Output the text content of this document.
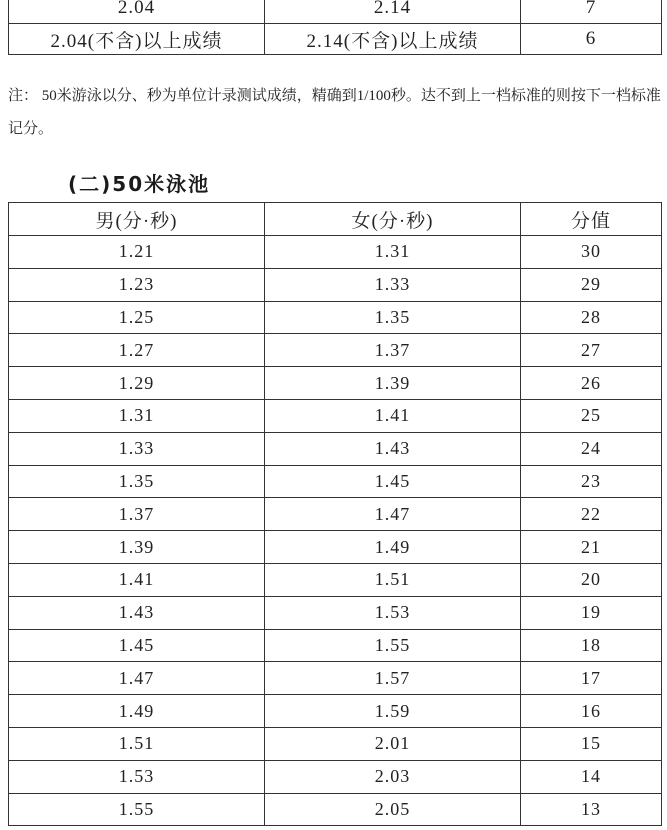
2.04	2.14	7
2.04(不含)以上成绩	2.14(不含)以上成绩	6
注： 50米游泳以分、秒为单位计录测试成绩，精确到1/100秒。达不到上一档标准的则按下一档标准记分。
(二)50米泳池
男(分·秒)	女(分·秒)	分值
1.21	1.31	30
1.23	1.33	29
1.25	1.35	28
1.27	1.37	27
1.29	1.39	26
1.31	1.41	25
1.33	1.43	24
1.35	1.45	23
1.37	1.47	22
1.39	1.49	21
1.41	1.51	20
1.43	1.53	19
1.45	1.55	18
1.47	1.57	17
1.49	1.59	16
1.51	2.01	15
1.53	2.03	14
1.55	2.05	13
